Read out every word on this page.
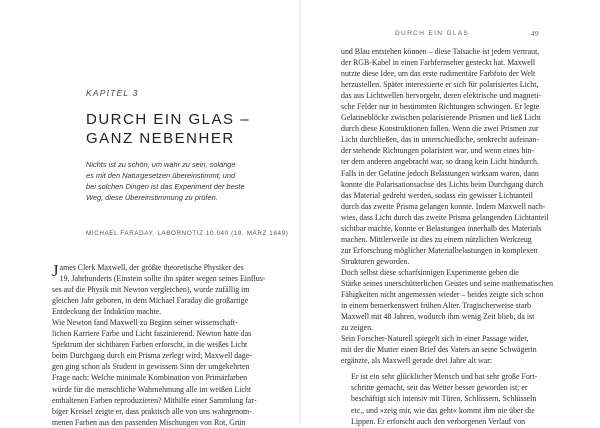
KAPITEL 3
DURCH EIN GLAS –
GANZ NEBENHER
Nichts ist zu schön, um wahr zu sein, solange
es mit den Naturgesetzen übereinstimmt; und
bei solchen Dingen ist das Experiment der beste
Weg, diese Übereinstimmung zu prüfen.
MICHAEL FARADAY, LABORNOTIZ 10.040 (19. MÄRZ 1849)
J ames Clerk Maxwell, der größte theoretische Physiker des
19. Jahrhunderts (Einstein sollte ihn später wegen seines Einflus-
ses auf die Physik mit Newton vergleichen), wurde zufällig im
gleichen Jahr geboren, in dem Michael Faraday die großartige
Entdeckung der Induktion machte.
Wie Newton fand Maxwell zu Beginn seiner wissenschaft-
lichen Karriere Farbe und Licht faszinierend. Newton hatte das
Spektrum der sichtbaren Farben erforscht, in die weißes Licht
beim Durchgang durch ein Prisma zerlegt wird; Maxwell dage-
gen ging schon als Student in gewissem Sinn der umgekehrten
Frage nach: Welche minimale Kombination von Primärfarben
würde für die menschliche Wahrnehmung alle im weißen Licht
enthaltenen Farben reproduzieren? Mithilfe einer Sammlung far-
biger Kreisel zeigte er, dass praktisch alle von uns wahrgenom-
menen Farben aus den passenden Mischungen von Rot, Grün
DURCH EIN GLAS	49
und Blau entstehen können – diese Tatsache ist jedem vertraut,
der RGB-Kabel in einen Farbfernseher gesteckt hat. Maxwell
nutzte diese Idee, um das erste rudimentäre Farbfoto der Welt
herzustellen. Später interessierte er sich für polarisiertes Licht,
das aus Lichtwellen hervorgeht, deren elektrische und magneti-
sche Felder nur in bestimmten Richtungen schwingen. Er legte
Gelatineblöcke zwischen polarisierende Prismen und ließ Licht
durch diese Konstruktionen fallen. Wenn die zwei Prismen zur
Licht durchließen, das in unterschiedliche, senkrecht aufeinan-
der stehende Richtungen polarisiert war, und wenn eines hin-
ter dem anderen angebracht war, so drang kein Licht hindurch.
Falls in der Gelatine jedoch Belastungen wirksam waren, dann
konnte die Polarisationsachse des Lichts beim Durchgang durch
das Material gedreht werden, sodass ein gewisser Lichtanteil
durch das zweite Prisma gelangen konnte. Indem Maxwell nach-
wies, dass Licht durch das zweite Prisma gelangenden Lichtanteil
sichtbar machte, konnte er Belastungen innerhalb des Materials
machen. Mittlerweile ist dies zu einem nützlichen Werkzeug
zur Erforschung möglicher Materialbelastungen in komplexen
Strukturen geworden.
Doch selbst diese scharfsinnigen Experimente geben die
Stärke seines unerschütterlichen Geistes und seine mathematischen
Fähigkeiten nicht angemessen wieder – beides zeigte sich schon
in einem bemerkenswert frühen Alter. Tragischerweise starb
Maxwell mit 48 Jahren, wodurch ihm wenig Zeit blieb, da ist
zu zeigen.
Sein Forscher-Naturell spiegelt sich in einer Passage wider,
mit der die Mutter einen Brief des Vaters an seine Schwägerin
ergänzte, als Maxwell gerade drei Jahre alt war:
Er ist ein sehr glücklicher Mensch und hat sehr große Fort-
schritte gemacht, seit das Wetter besser geworden ist; er
beschäftigt sich intensiv mit Türen, Schlössern, Schlüsseln
etc., und »zeig mir, wie das geht« kommt ihm nie über die
Lippen. Er erforscht auch den verborgenen Verlauf von
